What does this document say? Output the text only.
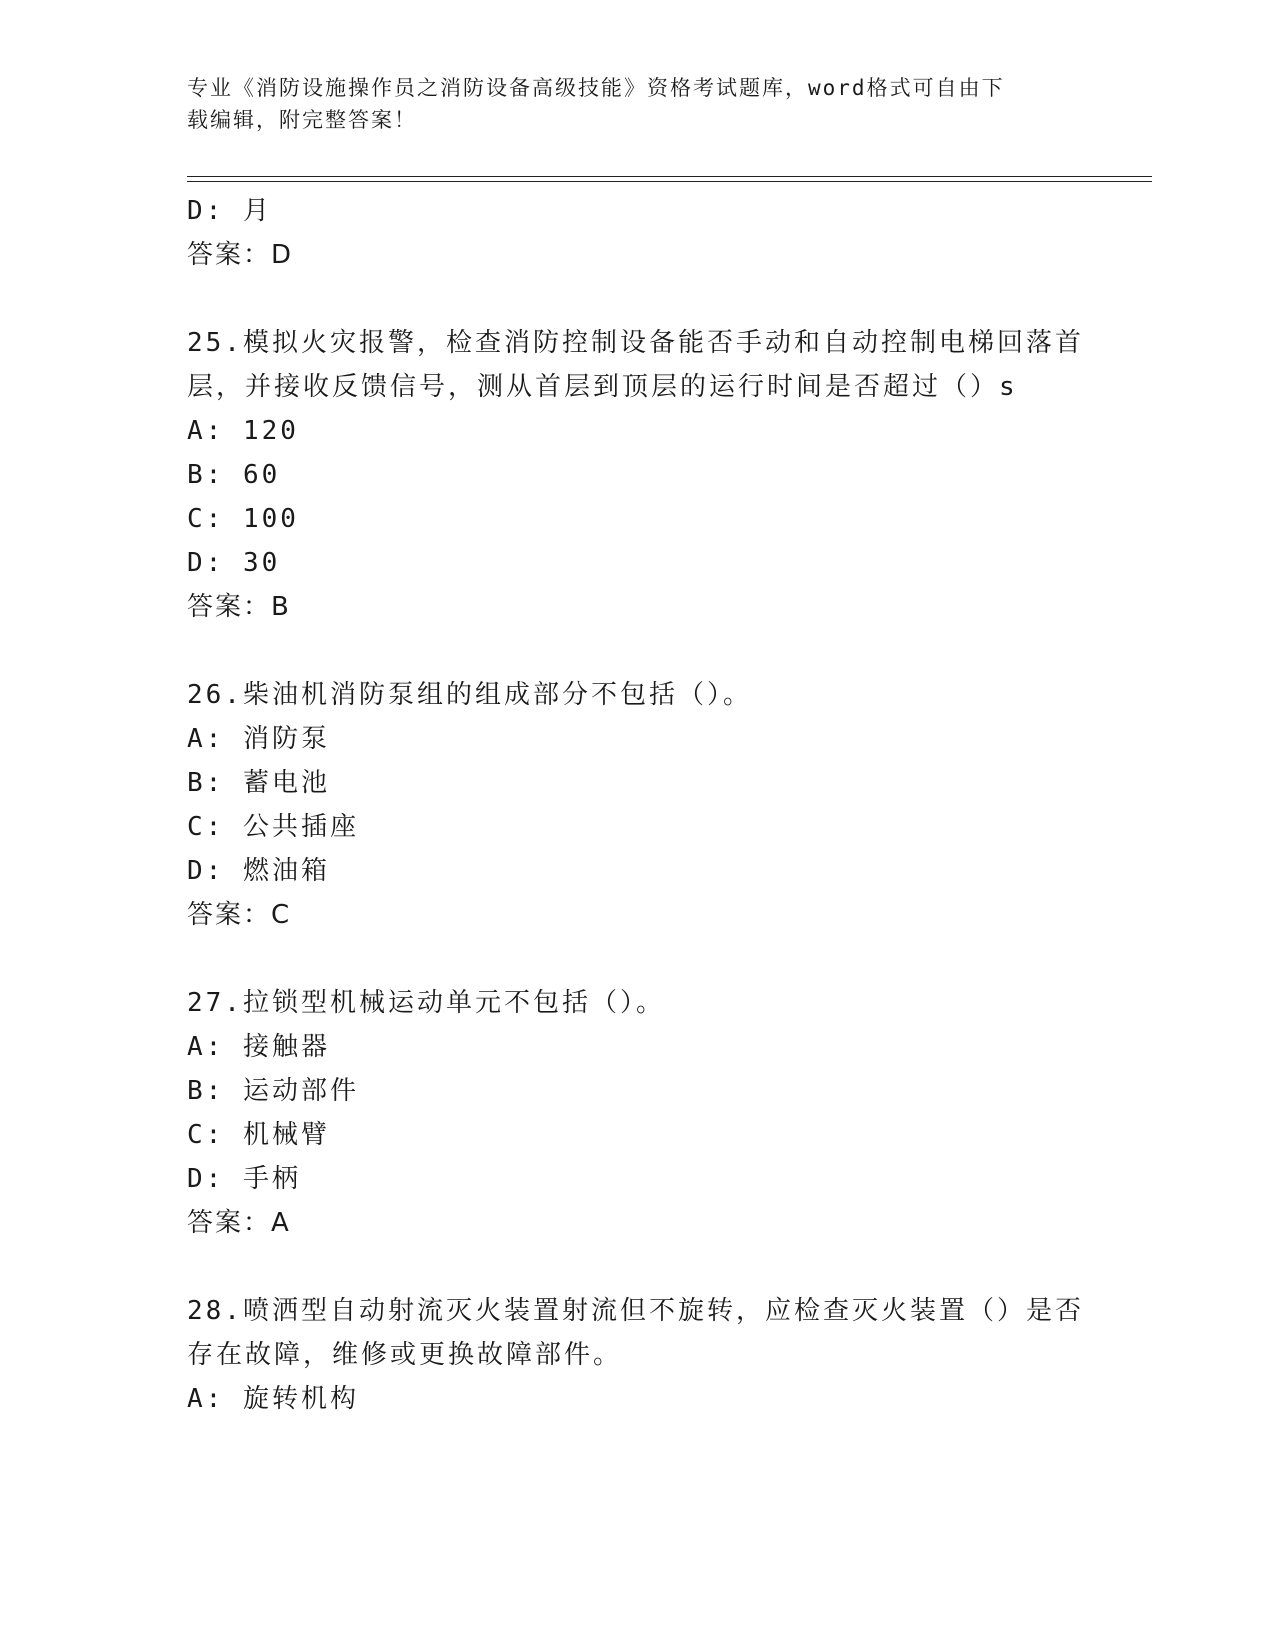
专业《消防设施操作员之消防设备高级技能》资格考试题库，word格式可自由下
载编辑，附完整答案！
D: 月
答案：D
25.模拟火灾报警，检查消防控制设备能否手动和自动控制电梯回落首
层，并接收反馈信号，测从首层到顶层的运行时间是否超过（）s
A: 120
B: 60
C: 100
D: 30
答案：B
26.柴油机消防泵组的组成部分不包括（）。
A: 消防泵
B: 蓄电池
C: 公共插座
D: 燃油箱
答案：C
27.拉锁型机械运动单元不包括（）。
A: 接触器
B: 运动部件
C: 机械臂
D: 手柄
答案：A
28.喷洒型自动射流灭火装置射流但不旋转，应检查灭火装置（）是否
存在故障，维修或更换故障部件。
A: 旋转机构
